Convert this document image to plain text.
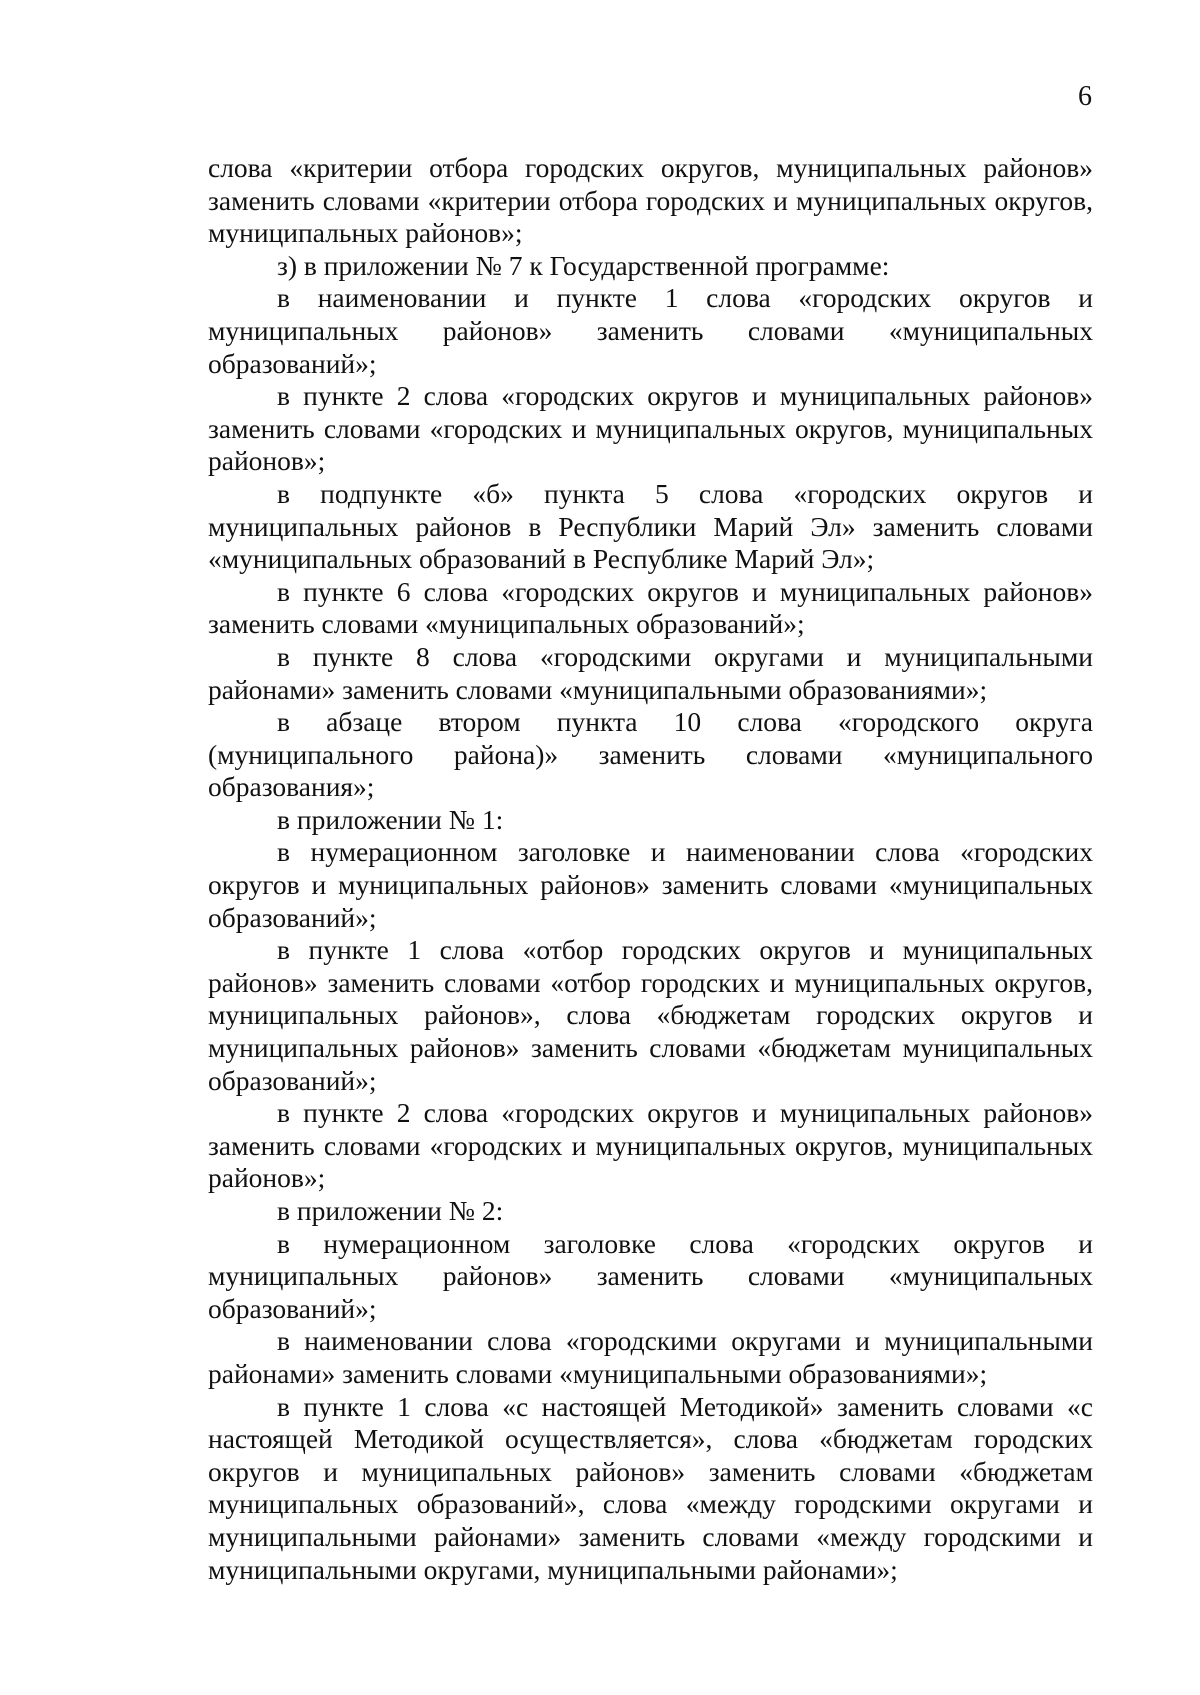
6

слова «критерии отбора городских округов, муниципальных районов» заменить словами «критерии отбора городских и муниципальных округов, муниципальных районов»;

з) в приложении № 7 к Государственной программе:

в наименовании и пункте 1 слова «городских округов и муниципальных районов» заменить словами «муниципальных образований»;

в пункте 2 слова «городских округов и муниципальных районов» заменить словами «городских и муниципальных округов, муниципальных районов»;

в подпункте «б» пункта 5 слова «городских округов и муниципальных районов в Республики Марий Эл» заменить словами «муниципальных образований в Республике Марий Эл»;

в пункте 6 слова «городских округов и муниципальных районов» заменить словами «муниципальных образований»;

в пункте 8 слова «городскими округами и муниципальными районами» заменить словами «муниципальными образованиями»;

в абзаце втором пункта 10 слова «городского округа (муниципального района)» заменить словами «муниципального образования»;

в приложении № 1:

в нумерационном заголовке и наименовании слова «городских округов и муниципальных районов» заменить словами «муниципальных образований»;

в пункте 1 слова «отбор городских округов и муниципальных районов» заменить словами «отбор городских и муниципальных округов, муниципальных районов», слова «бюджетам городских округов и муниципальных районов» заменить словами «бюджетам муниципальных образований»;

в пункте 2 слова «городских округов и муниципальных районов» заменить словами «городских и муниципальных округов, муниципальных районов»;

в приложении № 2:

в нумерационном заголовке слова «городских округов и муниципальных районов» заменить словами «муниципальных образований»;

в наименовании слова «городскими округами и муниципальными районами» заменить словами «муниципальными образованиями»;

в пункте 1 слова «с настоящей Методикой» заменить словами «с настоящей Методикой осуществляется», слова «бюджетам городских округов и муниципальных районов» заменить словами «бюджетам муниципальных образований», слова «между городскими округами и муниципальными районами» заменить словами «между городскими и муниципальными округами, муниципальными районами»;
